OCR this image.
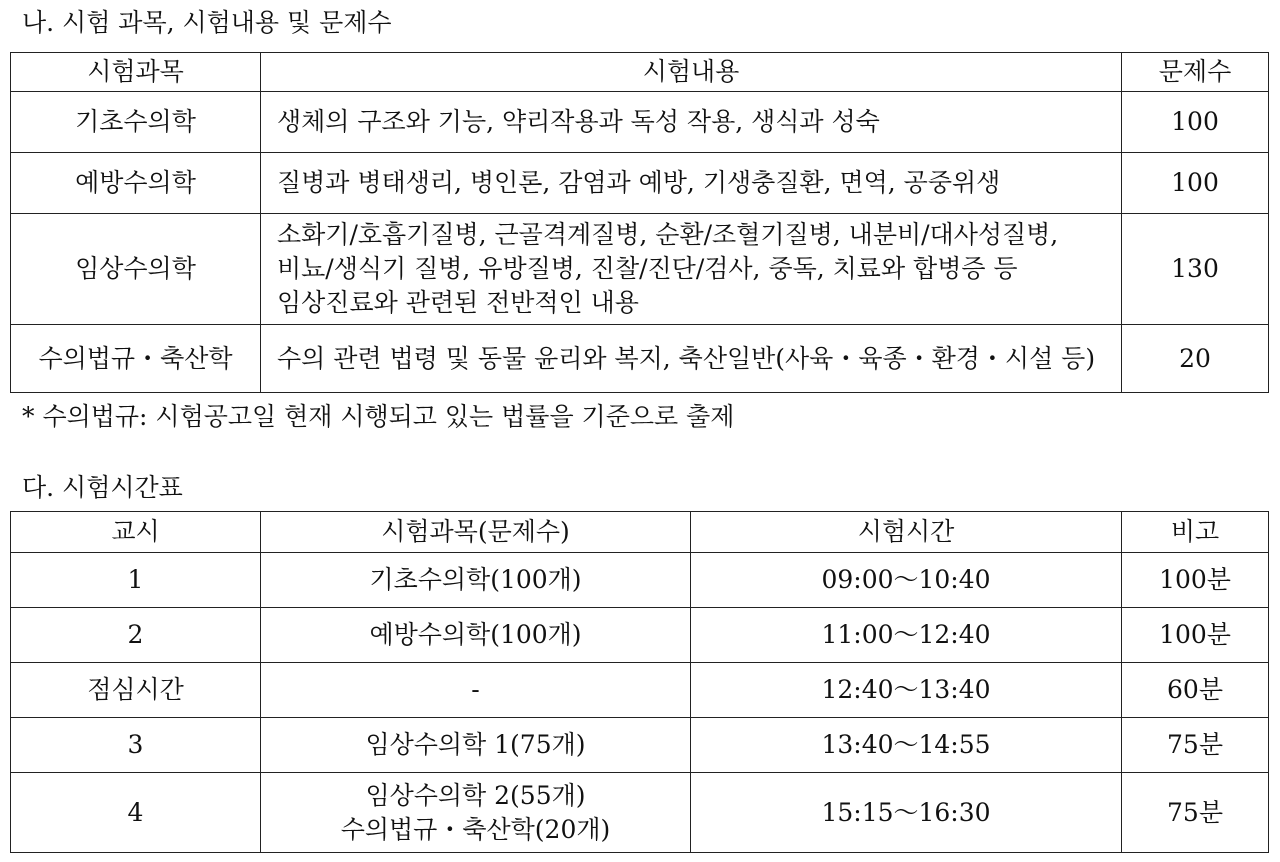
나. 시험 과목, 시험내용 및 문제수
시험과목	시험내용	문제수
기초수의학	생체의 구조와 기능, 약리작용과 독성 작용, 생식과 성숙	100
예방수의학	질병과 병태생리, 병인론, 감염과 예방, 기생충질환, 면역, 공중위생	100
임상수의학	소화기/호흡기질병, 근골격계질병, 순환/조혈기질병, 내분비/대사성질병,
비뇨/생식기 질병, 유방질병, 진찰/진단/검사, 중독, 치료와 합병증 등
임상진료와 관련된 전반적인 내용	130
수의법규・축산학	수의 관련 법령 및 동물 윤리와 복지, 축산일반(사육・육종・환경・시설 등)	20
* 수의법규: 시험공고일 현재 시행되고 있는 법률을 기준으로 출제
다. 시험시간표
교시	시험과목(문제수)	시험시간	비고
1	기초수의학(100개)	09:00～10:40	100분
2	예방수의학(100개)	11:00～12:40	100분
점심시간	-	12:40～13:40	60분
3	임상수의학 1(75개)	13:40～14:55	75분
4	임상수의학 2(55개)
수의법규・축산학(20개)	15:15～16:30	75분
